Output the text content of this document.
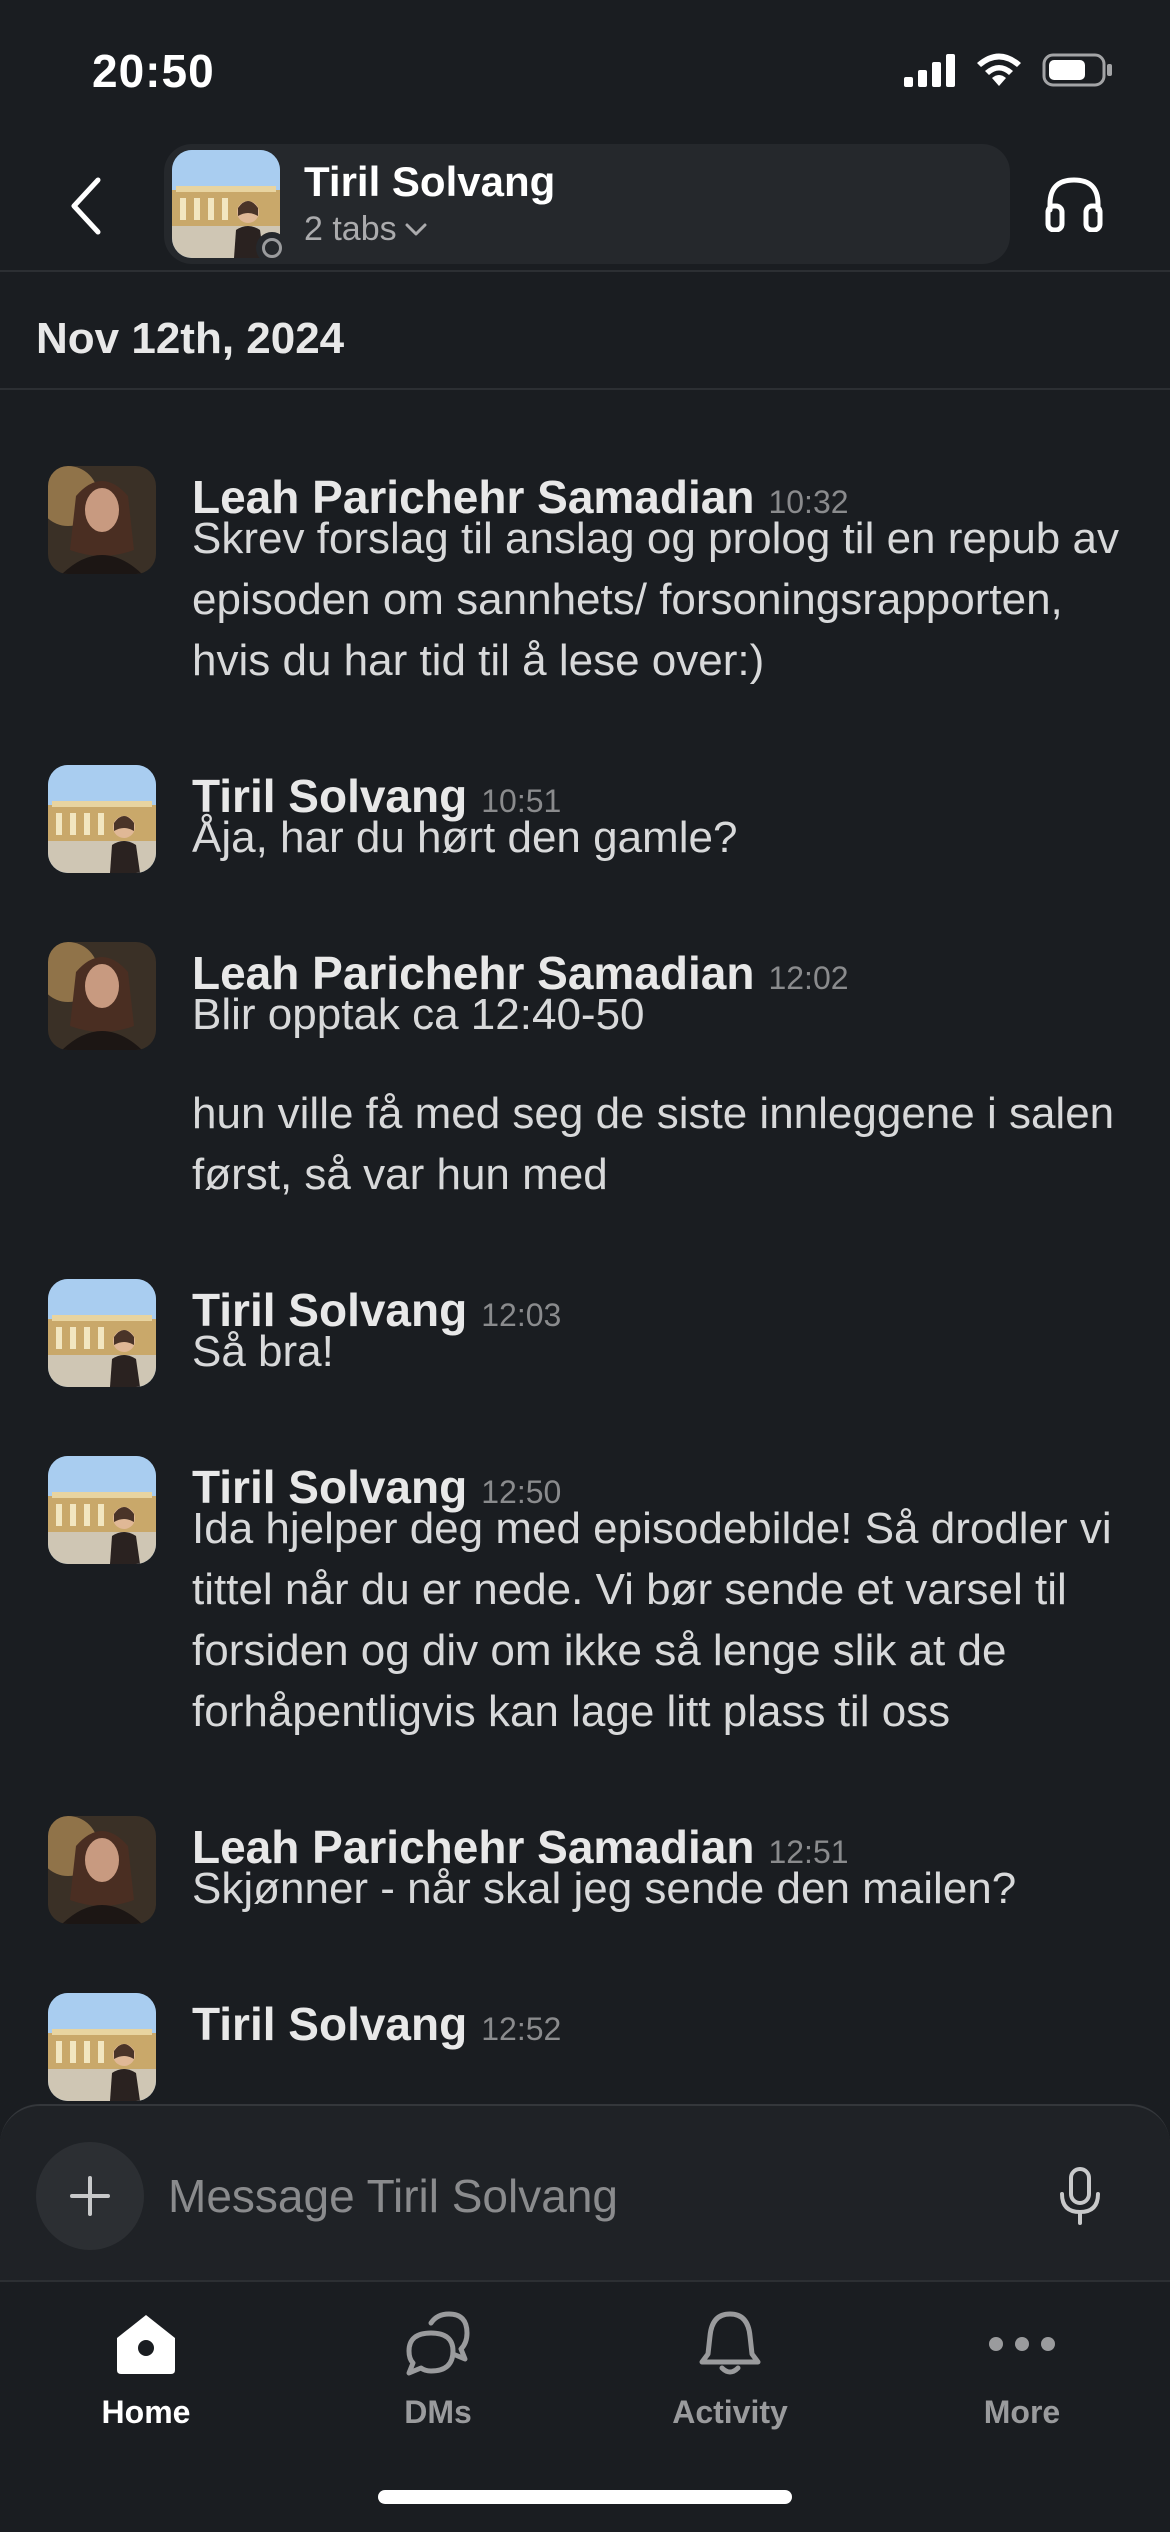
20:50
Tiril Solvang
2 tabs
Nov 12th, 2024
Leah Parichehr Samadian 10:32

Skrev forslag til anslag og prolog til en repub av episoden om sannhets/ forsoningsrapporten, hvis du har tid til å lese over:)

Tiril Solvang 10:51

Åja, har du hørt den gamle?

Leah Parichehr Samadian 12:02

Blir opptak ca 12:40-50

hun ville få med seg de siste innleggene i salen først, så var hun med

Tiril Solvang 12:03

Så bra!

Tiril Solvang 12:50

Ida hjelper deg med episodebilde! Så drodler vi tittel når du er nede. Vi bør sende et varsel til forsiden og div om ikke så lenge slik at de forhåpentligvis kan lage litt plass til oss

Leah Parichehr Samadian 12:51

Skjønner - når skal jeg sende den mailen?

Tiril Solvang 12:52
Message Tiril Solvang
Home	DMs	Activity	More
